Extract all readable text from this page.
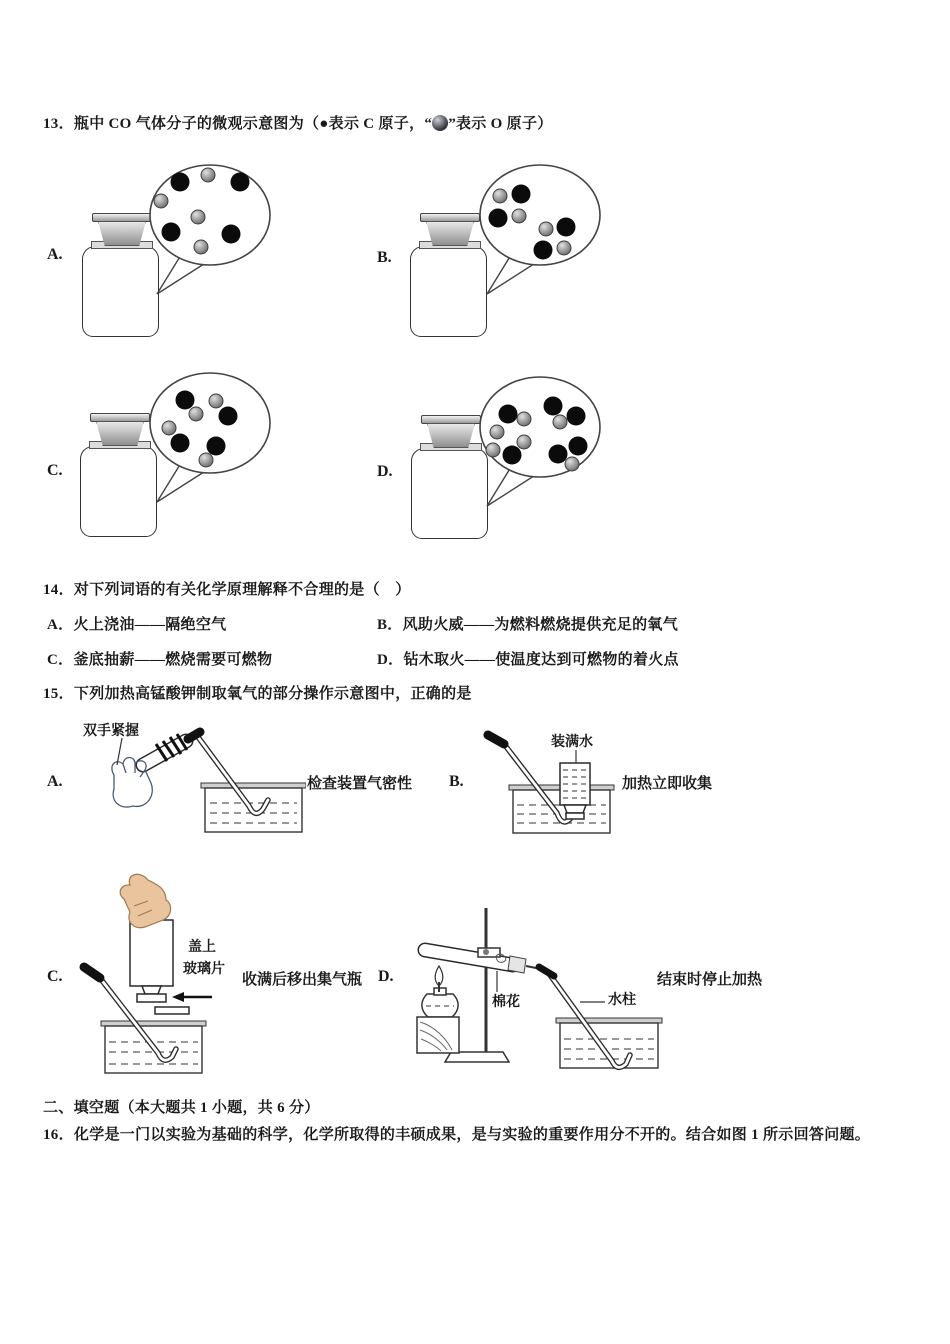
13．瓶中 CO 气体分子的微观示意图为（●表示 C 原子，“ ”表示 O 原子）
A.	B.
C.	D.
14．对下列词语的有关化学原理解释不合理的是（　）
A．火上浇油——隔绝空气	B．风助火威——为燃料燃烧提供充足的氧气
C．釜底抽薪——燃烧需要可燃物	D．钻木取火——使温度达到可燃物的着火点
15．下列加热高锰酸钾制取氧气的部分操作示意图中，正确的是
A.
双手紧握
检查装置气密性 B.
装满水
加热立即收集
C.
盖上
玻璃片
收满后移出集气瓶 D.
棉花	水柱
结束时停止加热
二、填空题（本大题共 1 小题，共 6 分）
16．化学是一门以实验为基础的科学，化学所取得的丰硕成果，是与实验的重要作用分不开的。结合如图 1 所示回答问题。
